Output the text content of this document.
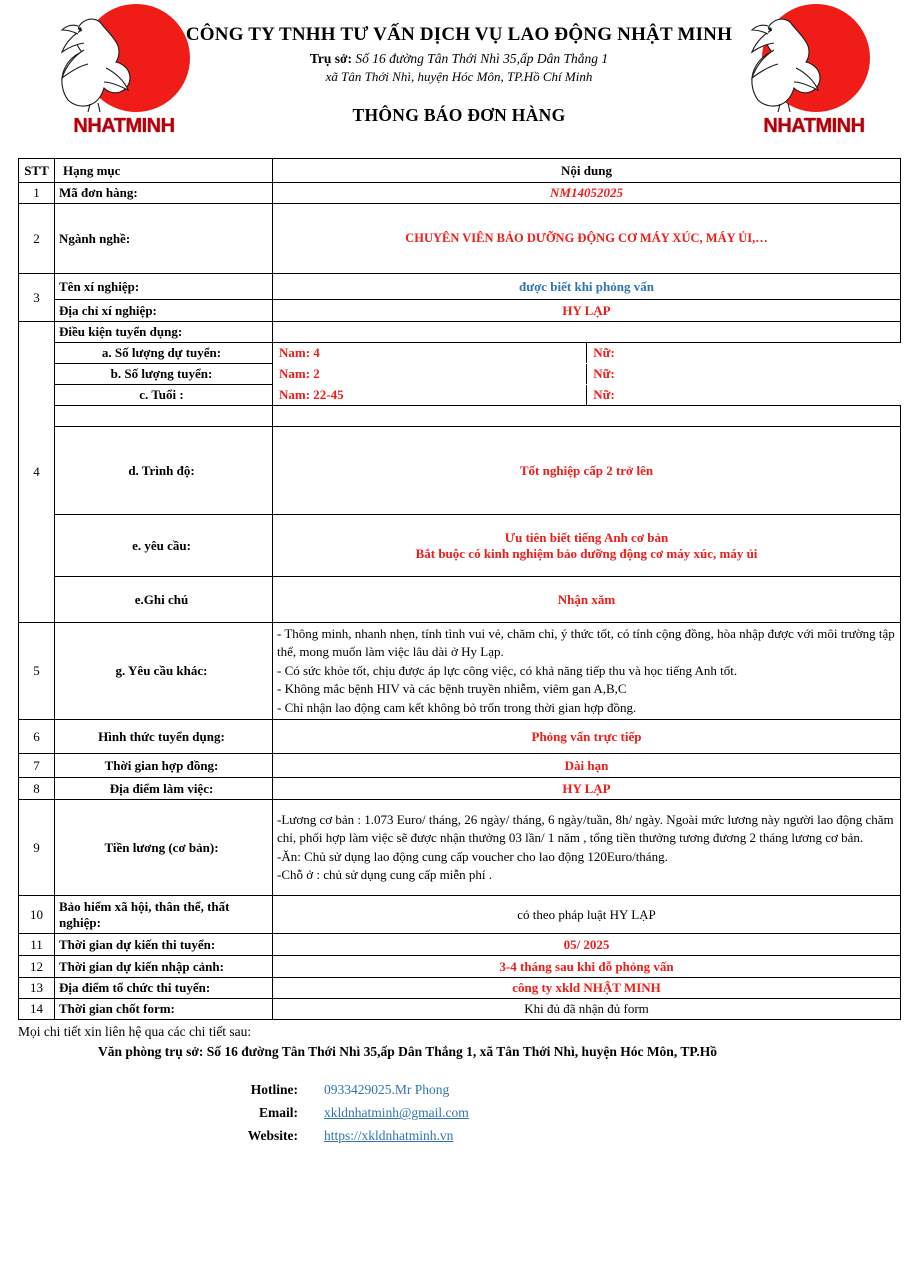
NHATMINH	NHATMINH
CÔNG TY TNHH TƯ VẤN DỊCH VỤ LAO ĐỘNG NHẬT MINH
Trụ sở: Số 16 đường Tân Thới Nhì 35,ấp Dân Thắng 1
xã Tân Thới Nhì, huyện Hóc Môn, TP.Hồ Chí Minh
THÔNG BÁO ĐƠN HÀNG
STT	Hạng mục	Nội dung
1	Mã đơn hàng:	NM14052025
2	Ngành nghề:	CHUYÊN VIÊN BẢO DƯỠNG ĐỘNG CƠ MÁY XÚC, MÁY ỦI,…
3	Tên xí nghiệp:	được biết khi phỏng vấn
Địa chỉ xí nghiệp:	HY LẠP
4	Điều kiện tuyển dụng:	
a. Số lượng dự tuyển:		Nam: 4	Nữ:

b. Số lượng tuyển:		Nam: 2	Nữ:

c. Tuổi :		Nam: 22-45	Nữ:

d. Trình độ:	Tốt nghiệp cấp 2 trở lên
e. yêu cầu:	
Ưu tiên biết tiếng Anh cơ bản
Bắt buộc có kinh nghiệm bảo dưỡng động cơ máy xúc, máy ủi

e.Ghi chú	Nhận xăm
5	g. Yêu cầu khác:	
- Thông minh, nhanh nhẹn, tính tình vui vẻ, chăm chỉ, ý thức tốt, có tính cộng đồng, hòa nhập được với môi trường tập thể, mong muốn làm việc lâu dài ở Hy Lạp.
- Có sức khỏe tốt, chịu được áp lực công việc, có khả năng tiếp thu và học tiếng Anh tốt.
- Không mắc bệnh HIV và các bệnh truyền nhiễm, viêm gan A,B,C
- Chỉ nhận lao động cam kết không bỏ trốn trong thời gian hợp đồng.

6	Hình thức tuyển dụng:	Phỏng vấn trực tiếp
7	Thời gian hợp đồng:	Dài hạn
8	Địa điểm làm việc:	HY LẠP
9	Tiền lương (cơ bản):	
-Lương cơ bản : 1.073 Euro/ tháng, 26 ngày/ tháng, 6 ngày/tuần, 8h/ ngày. Ngoài mức lương này người lao động chăm chỉ, phối hợp làm việc sẽ được nhận thưởng 03 lần/ 1 năm , tổng tiền thưởng tương đương 2 tháng lương cơ bản.
-Ăn: Chủ sử dụng lao động cung cấp voucher cho lao động 120Euro/tháng.
-Chỗ ở : chủ sử dụng cung cấp miễn phí .

10	Bảo hiểm xã hội, thân thể, thất nghiệp:	có theo pháp luật HY LẠP
11	Thời gian dự kiến thi tuyển:	05/ 2025
12	Thời gian dự kiến nhập cảnh:	3-4 tháng sau khi đỗ phỏng vấn
13	Địa điểm tổ chức thi tuyển:	công ty xkld NHẬT MINH
14	Thời gian chốt form:	Khi đủ đã nhận đủ form
Mọi chi tiết xin liên hệ qua các chi tiết sau:
Văn phòng trụ sở: Số 16 đường Tân Thới Nhì 35,ấp Dân Thắng 1, xã Tân Thới Nhì, huyện Hóc Môn, TP.Hồ
Hotline:	0933429025.Mr Phong
Email:	xkldnhatminh@gmail.com
Website:	https://xkldnhatminh.vn
